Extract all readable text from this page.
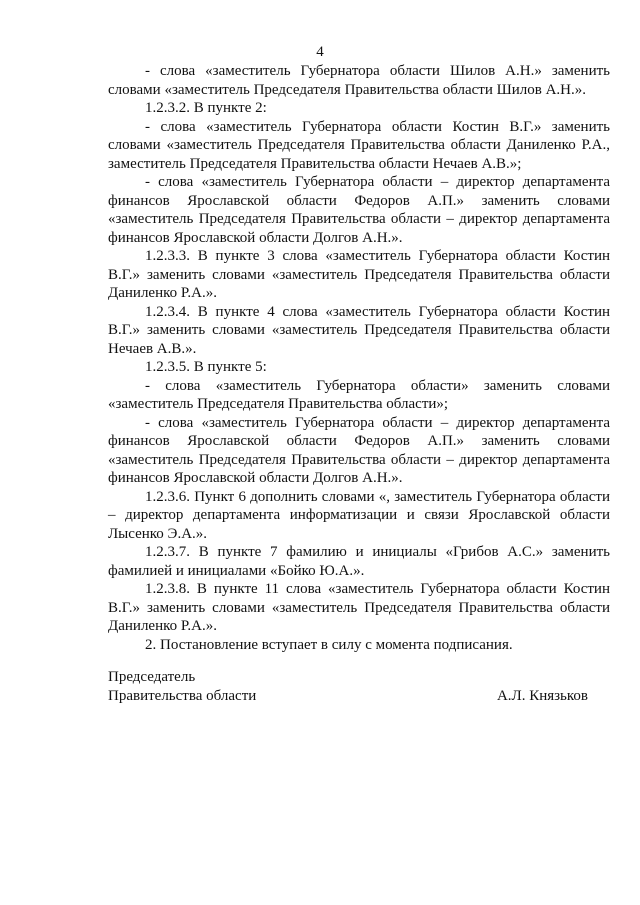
4

- слова «заместитель Губернатора области Шилов А.Н.» заменить словами «заместитель Председателя Правительства области Шилов А.Н.».

1.2.3.2. В пункте 2:

- слова «заместитель Губернатора области Костин В.Г.» заменить словами «заместитель Председателя Правительства области Даниленко Р.А., заместитель Председателя Правительства области Нечаев А.В.»;

- слова «заместитель Губернатора области – директор департамента финансов Ярославской области Федоров А.П.» заменить словами «заместитель Председателя Правительства области – директор департамента финансов Ярославской области Долгов А.Н.».

1.2.3.3. В пункте 3 слова «заместитель Губернатора области Костин В.Г.» заменить словами «заместитель Председателя Правительства области Даниленко Р.А.».

1.2.3.4. В пункте 4 слова «заместитель Губернатора области Костин В.Г.» заменить словами «заместитель Председателя Правительства области Нечаев А.В.».

1.2.3.5. В пункте 5:

- слова «заместитель Губернатора области» заменить словами «заместитель Председателя Правительства области»;

- слова «заместитель Губернатора области – директор департамента финансов Ярославской области Федоров А.П.» заменить словами «заместитель Председателя Правительства области – директор департамента финансов Ярославской области Долгов А.Н.».

1.2.3.6. Пункт 6 дополнить словами «, заместитель Губернатора области – директор департамента информатизации и связи Ярославской области Лысенко Э.А.».

1.2.3.7. В пункте 7 фамилию и инициалы «Грибов А.С.» заменить фамилией и инициалами «Бойко Ю.А.».

1.2.3.8. В пункте 11 слова «заместитель Губернатора области Костин В.Г.» заменить словами «заместитель Председателя Правительства области Даниленко Р.А.».

2. Постановление вступает в силу с момента подписания.

Председатель
Правительства области	А.Л. Князьков
